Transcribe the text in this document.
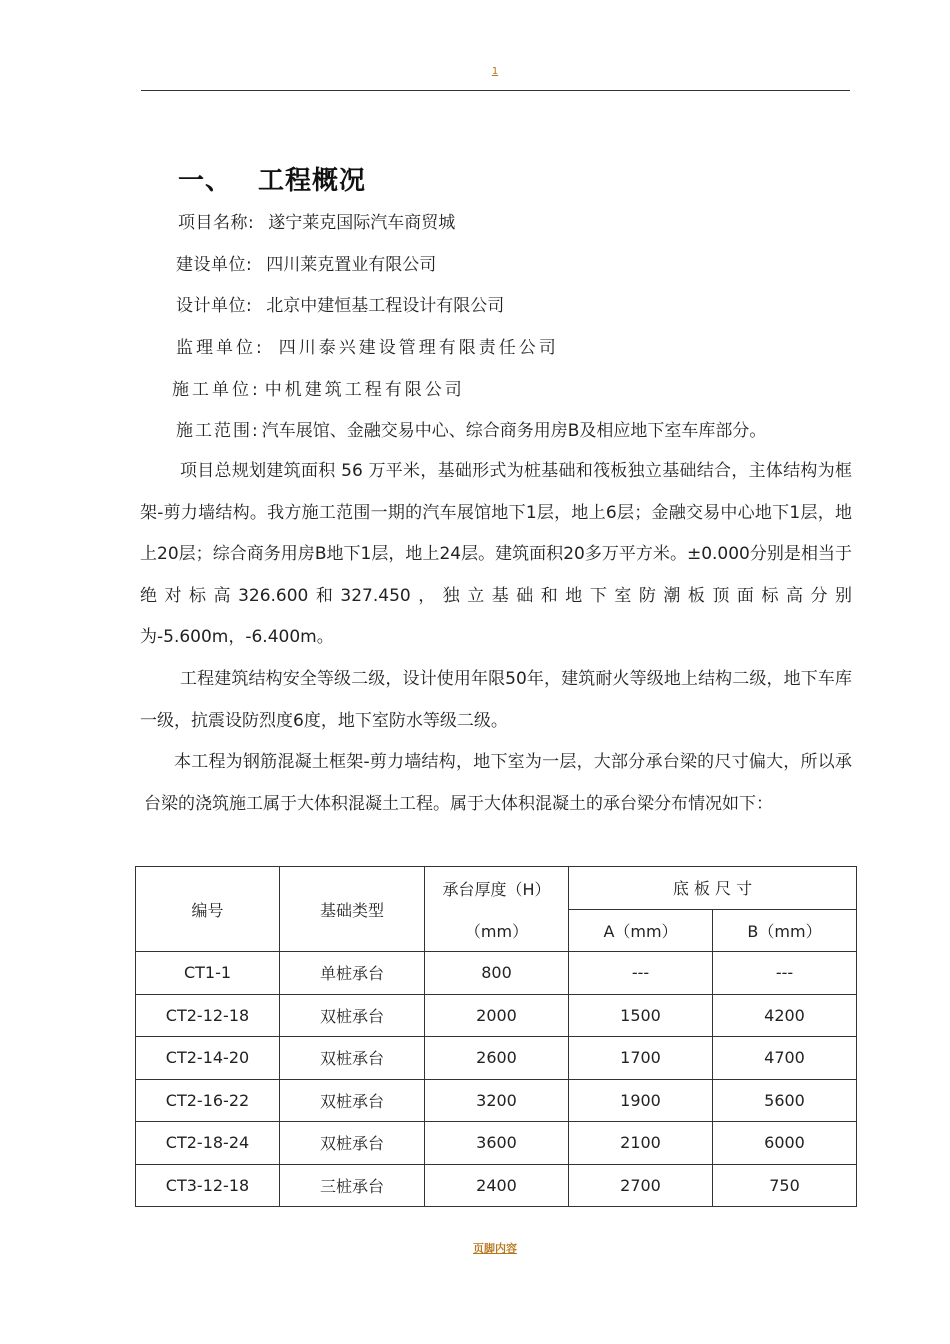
1
一、 工程概况
项目名称: 遂宁莱克国际汽车商贸城
建设单位: 四川莱克置业有限公司
设计单位: 北京中建恒基工程设计有限公司
监理单位: 四川泰兴建设管理有限责任公司
施工单位: 中机建筑工程有限公司
施工范围: 汽车展馆、金融交易中心、综合商务用房B及相应地下室车库部分。
项目总规划建筑面积 56 万平米，基础形式为桩基础和筏板独立基础结合，主体结构为框架-剪力墙结构。我方施工范围一期的汽车展馆地下1层，地上6层；金融交易中心地下1层，地上20层；综合商务用房B地下1层，地上24层。建筑面积20多万平方米。±0.000分别是相当于绝对标高326.600和327.450，独立基础和地下室防潮板顶面标高分别为-5.600m，-6.400m。
工程建筑结构安全等级二级，设计使用年限50年，建筑耐火等级地上结构二级，地下车库一级，抗震设防烈度6度，地下室防水等级二级。
本工程为钢筋混凝土框架-剪力墙结构，地下室为一层，大部分承台梁的尺寸偏大，所以承台梁的浇筑施工属于大体积混凝土工程。属于大体积混凝土的承台梁分布情况如下：
编号	基础类型	承台厚度（H）	底 板 尺 寸	
		（mm）	A（mm）	B（mm）
CT1-1	单桩承台	800	---	---
CT2-12-18	双桩承台	2000	1500	4200
CT2-14-20	双桩承台	2600	1700	4700
CT2-16-22	双桩承台	3200	1900	5600
CT2-18-24	双桩承台	3600	2100	6000
CT3-12-18	三桩承台	2400	2700	750
页脚内容
